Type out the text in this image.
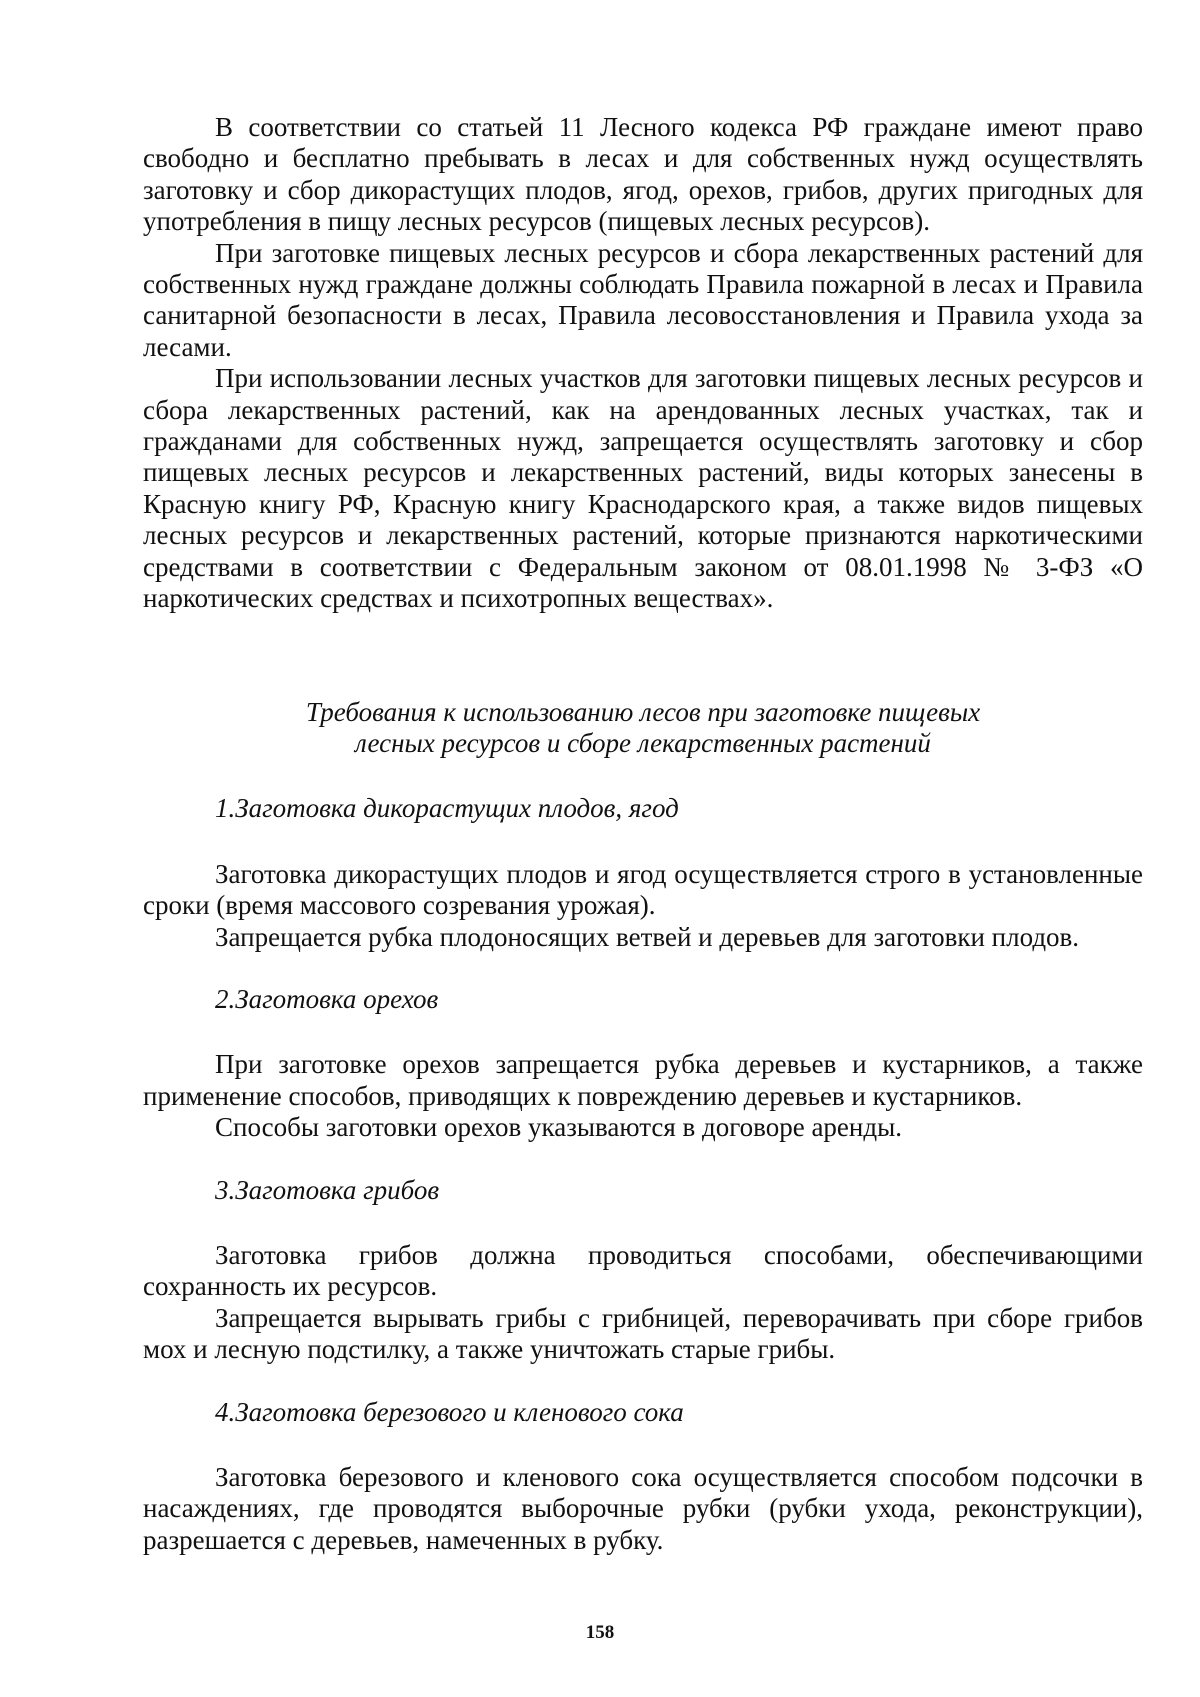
В соответствии со статьей 11 Лесного кодекса РФ граждане имеют право свободно и бесплатно пребывать в лесах и для собственных нужд осуществлять заготовку и сбор дикорастущих плодов, ягод, орехов, грибов, других пригодных для употребления в пищу лесных ресурсов (пищевых лесных ресурсов).

При заготовке пищевых лесных ресурсов и сбора лекарственных растений для собственных нужд граждане должны соблюдать Правила пожарной в лесах и Правила санитарной безопасности в лесах, Правила лесовосстановления и Правила ухода за лесами.

При использовании лесных участков для заготовки пищевых лесных ресурсов и сбора лекарственных растений, как на арендованных лесных участках, так и гражданами для собственных нужд, запрещается осуществлять заготовку и сбор пищевых лесных ресурсов и лекарственных растений, виды которых занесены в Красную книгу РФ, Красную книгу Краснодарского края, а также видов пищевых лесных ресурсов и лекарственных растений, которые признаются наркотическими средствами в соответствии с Федеральным законом от 08.01.1998 № 3-ФЗ «О наркотических средствах и психотропных веществах».

Требования к использованию лесов при заготовке пищевых
лесных ресурсов и сборе лекарственных растений

1.Заготовка дикорастущих плодов, ягод

Заготовка дикорастущих плодов и ягод осуществляется строго в установленные сроки (время массового созревания урожая).

Запрещается рубка плодоносящих ветвей и деревьев для заготовки плодов.

2.Заготовка орехов

При заготовке орехов запрещается рубка деревьев и кустарников, а также применение способов, приводящих к повреждению деревьев и кустарников.

Способы заготовки орехов указываются в договоре аренды.

3.Заготовка грибов

Заготовка грибов должна проводиться способами, обеспечивающими сохранность их ресурсов.

Запрещается вырывать грибы с грибницей, переворачивать при сборе грибов мох и лесную подстилку, а также уничтожать старые грибы.

4.Заготовка березового и кленового сока

Заготовка березового и кленового сока осуществляется способом подсочки в насаждениях, где проводятся выборочные рубки (рубки ухода, реконструкции), разрешается с деревьев, намеченных в рубку.

158
